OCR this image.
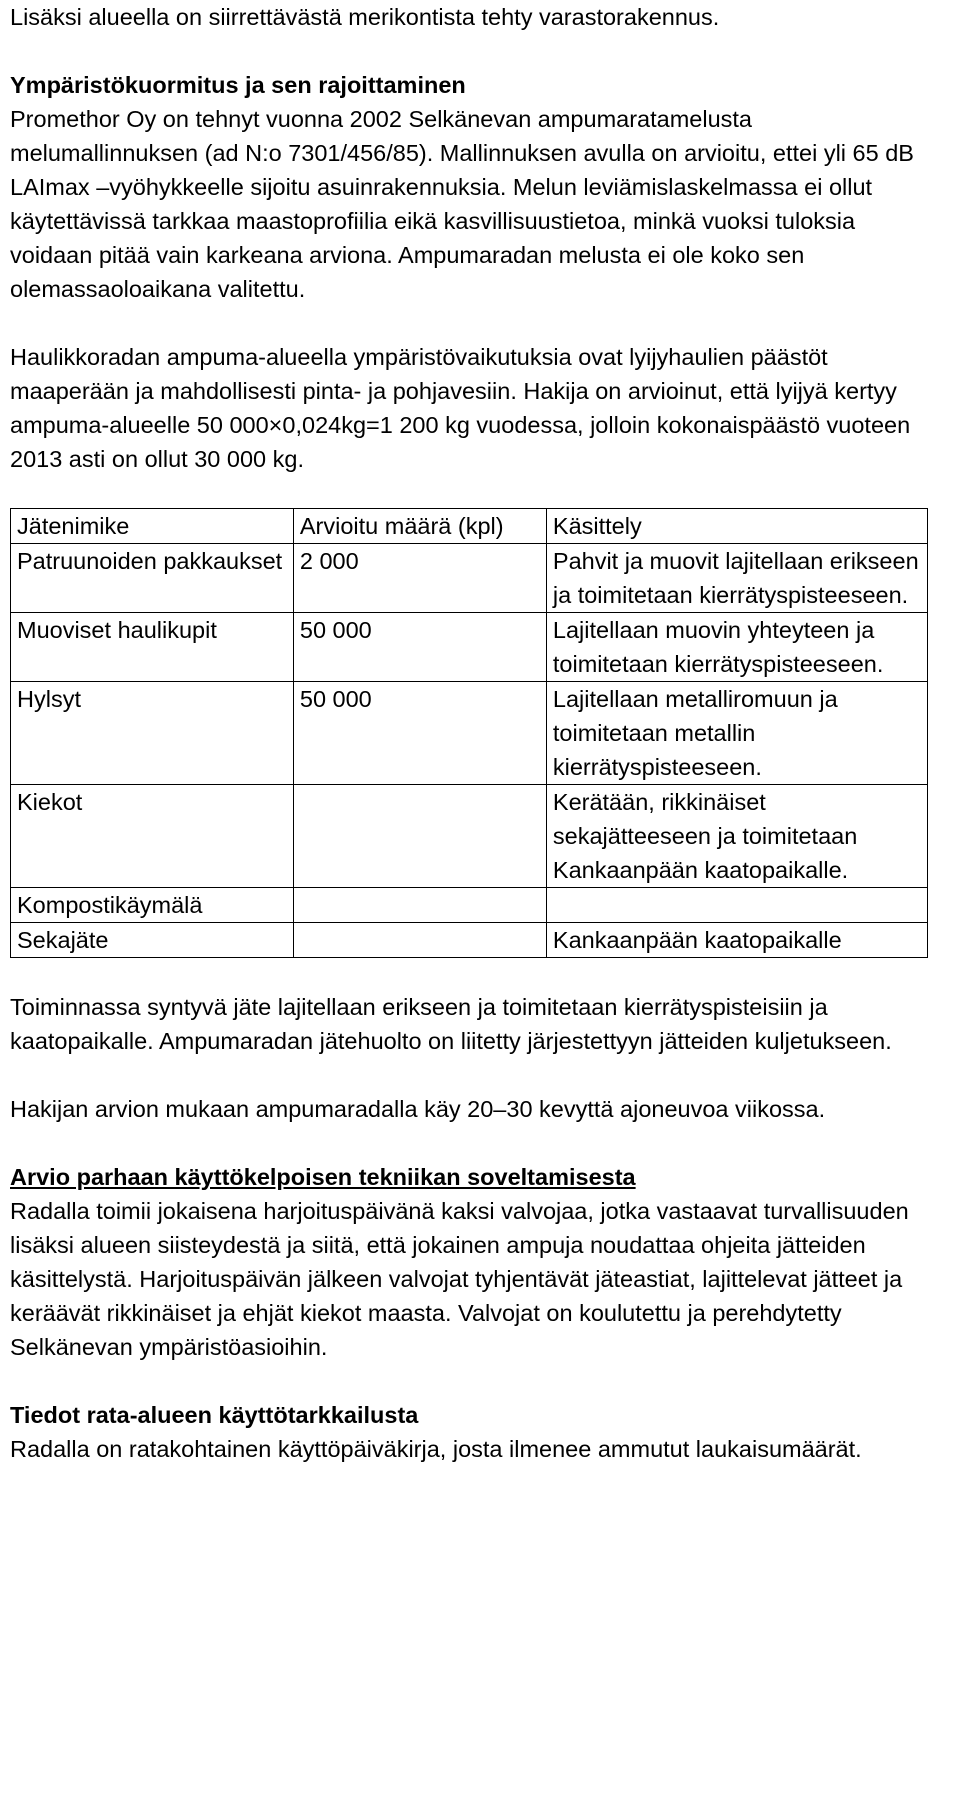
Lisäksi alueella on siirrettävästä merikontista tehty varastorakennus.

Ympäristökuormitus ja sen rajoittaminen

Promethor Oy on tehnyt vuonna 2002 Selkänevan ampumaratamelusta melumallinnuksen (ad N:o 7301/456/85). Mallinnuksen avulla on arvioitu, ettei yli 65 dB LAImax –vyöhykkeelle sijoitu asuinrakennuksia. Melun leviämislaskelmassa ei ollut käytettävissä tarkkaa maastoprofiilia eikä kasvillisuustietoa, minkä vuoksi tuloksia voidaan pitää vain karkeana arviona. Ampumaradan melusta ei ole koko sen olemassaoloaikana valitettu.

Haulikkoradan ampuma-alueella ympäristövaikutuksia ovat lyijyhaulien päästöt maaperään ja mahdollisesti pinta- ja pohjavesiin. Hakija on arvioinut, että lyijyä kertyy ampuma-alueelle 50 000×0,024kg=1 200 kg vuodessa, jolloin kokonaispäästö vuoteen 2013 asti on ollut 30 000 kg.

Jätenimike	Arvioitu määrä (kpl)	Käsittely
Patruunoiden pakkaukset	2 000	Pahvit ja muovit lajitellaan erikseen ja toimitetaan kierrätyspisteeseen.
Muoviset haulikupit	50 000	Lajitellaan muovin yhteyteen ja toimitetaan kierrätyspisteeseen.
Hylsyt	50 000	Lajitellaan metalliromuun ja toimitetaan metallin kierrätyspisteeseen.
Kiekot		Kerätään, rikkinäiset sekajätteeseen ja toimitetaan Kankaanpään kaatopaikalle.
Kompostikäymälä		
Sekajäte		Kankaanpään kaatopaikalle

Toiminnassa syntyvä jäte lajitellaan erikseen ja toimitetaan kierrätyspisteisiin ja kaatopaikalle. Ampumaradan jätehuolto on liitetty järjestettyyn jätteiden kuljetukseen.

Hakijan arvion mukaan ampumaradalla käy 20–30 kevyttä ajoneuvoa viikossa.

Arvio parhaan käyttökelpoisen tekniikan soveltamisesta

Radalla toimii jokaisena harjoituspäivänä kaksi valvojaa, jotka vastaavat turvallisuuden lisäksi alueen siisteydestä ja siitä, että jokainen ampuja noudattaa ohjeita jätteiden käsittelystä. Harjoituspäivän jälkeen valvojat tyhjentävät jäteastiat, lajittelevat jätteet ja keräävät rikkinäiset ja ehjät kiekot maasta. Valvojat on koulutettu ja perehdytetty Selkänevan ympäristöasioihin.

Tiedot rata-alueen käyttötarkkailusta

Radalla on ratakohtainen käyttöpäiväkirja, josta ilmenee ammutut laukaisumäärät.
